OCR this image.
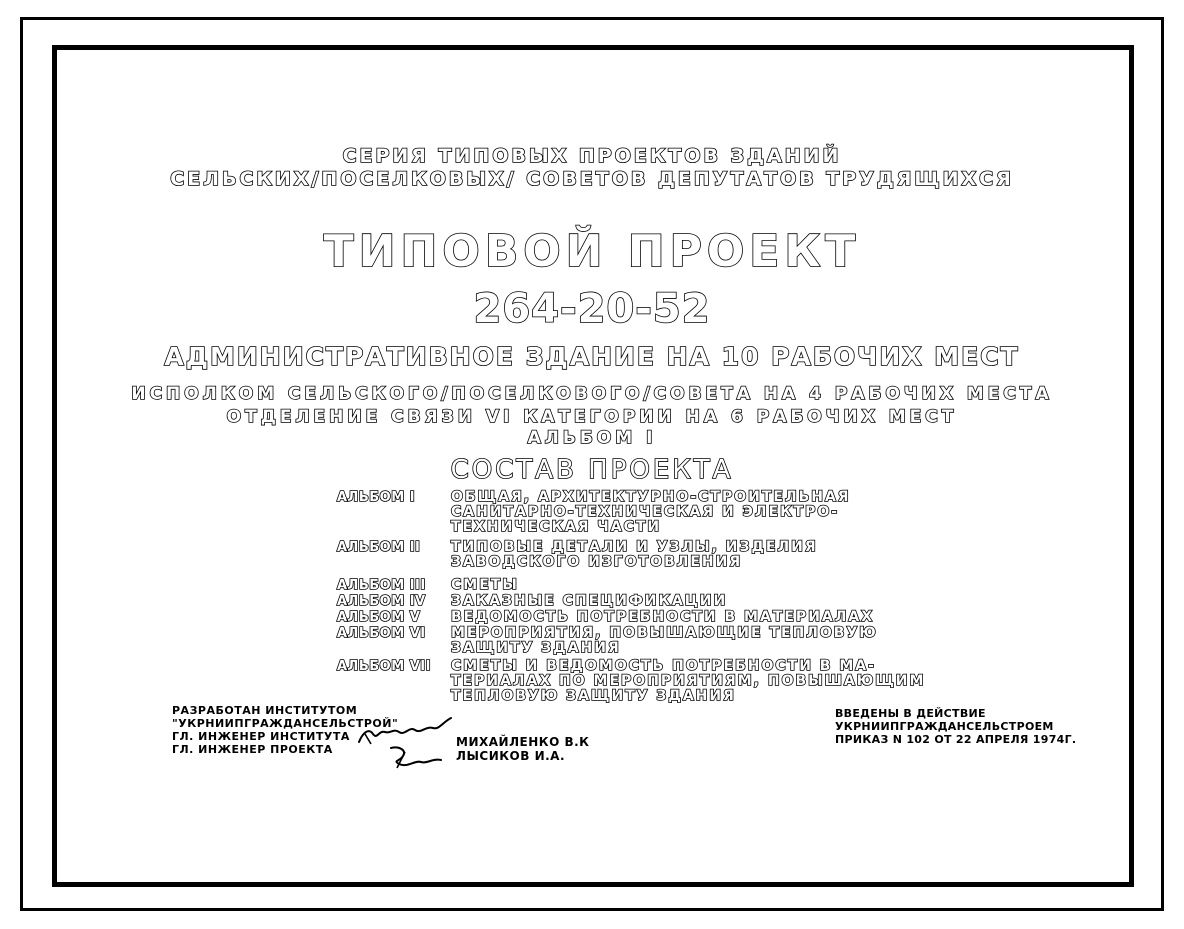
СЕРИЯ ТИПОВЫХ ПРОЕКТОВ ЗДАНИЙ
СЕЛЬСКИХ/ПОСЕЛКОВЫХ/ СОВЕТОВ ДЕПУТАТОВ ТРУДЯЩИХСЯ
ТИПОВОЙ ПРОЕКТ
264-20-52
АДМИНИСТРАТИВНОЕ ЗДАНИЕ НА 10 РАБОЧИХ МЕСТ
ИСПОЛКОМ СЕЛЬСКОГО/ПОСЕЛКОВОГО/СОВЕТА НА 4 РАБОЧИХ МЕСТА
ОТДЕЛЕНИЕ СВЯЗИ VI КАТЕГОРИИ НА 6 РАБОЧИХ МЕСТ
АЛЬБОМ I
СОСТАВ ПРОЕКТА
АЛЬБОМ I	ОБЩАЯ, АРХИТЕКТУРНО-СТРОИТЕЛЬНАЯ
САНИТАРНО-ТЕХНИЧЕСКАЯ И ЭЛЕКТРО-
ТЕХНИЧЕСКАЯ ЧАСТИ
АЛЬБОМ II	ТИПОВЫЕ ДЕТАЛИ И УЗЛЫ, ИЗДЕЛИЯ
ЗАВОДСКОГО ИЗГОТОВЛЕНИЯ
АЛЬБОМ III	СМЕТЫ
АЛЬБОМ IV	ЗАКАЗНЫЕ СПЕЦИФИКАЦИИ
АЛЬБОМ V	ВЕДОМОСТЬ ПОТРЕБНОСТИ В МАТЕРИАЛАХ
АЛЬБОМ VI	МЕРОПРИЯТИЯ, ПОВЫШАЮЩИЕ ТЕПЛОВУЮ
ЗАЩИТУ ЗДАНИЯ
АЛЬБОМ VII	СМЕТЫ И ВЕДОМОСТЬ ПОТРЕБНОСТИ В МА-
ТЕРИАЛАХ ПО МЕРОПРИЯТИЯМ, ПОВЫШАЮЩИМ
ТЕПЛОВУЮ ЗАЩИТУ ЗДАНИЯ
РАЗРАБОТАН ИНСТИТУТОМ
"УКРНИИПГРАЖДАНСЕЛЬСТРОЙ"
ГЛ. ИНЖЕНЕР ИНСТИТУТА
ГЛ. ИНЖЕНЕР ПРОЕКТА
МИХАЙЛЕНКО В.К
ЛЫСИКОВ И.А.
ВВЕДЕНЫ В ДЕЙСТВИЕ
УКРНИИПГРАЖДАНСЕЛЬСТРОЕМ
ПРИКАЗ N 102 ОТ 22 АПРЕЛЯ 1974Г.
